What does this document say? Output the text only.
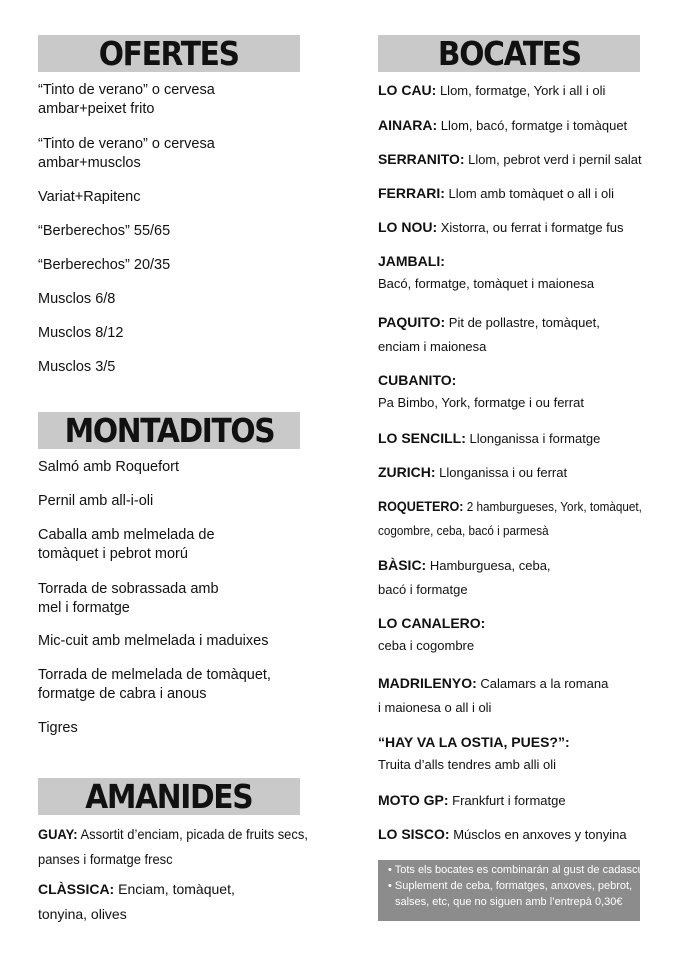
OFERTES
“Tinto de verano” o cervesa
ambar+peixet frito
“Tinto de verano” o cervesa
ambar+musclos
Variat+Rapitenc
“Berberechos” 55/65
“Berberechos” 20/35
Musclos 6/8
Musclos 8/12
Musclos 3/5
MONTADITOS
Salmó amb Roquefort
Pernil amb all-i-oli
Caballa amb melmelada de
tomàquet i pebrot morú
Torrada de sobrassada amb
mel i formatge
Mic-cuit amb melmelada i maduixes
Torrada de melmelada de tomàquet,
formatge de cabra i anous
Tigres
AMANIDES
GUAY: Assortit d’enciam, picada de fruits secs,
panses i formatge fresc
CLÀSSICA: Enciam, tomàquet,
tonyina, olives
BOCATES
LO CAU: Llom, formatge, York i all i oli
AINARA: Llom, bacó, formatge i tomàquet
SERRANITO: Llom, pebrot verd i pernil salat
FERRARI: Llom amb tomàquet o all i oli
LO NOU: Xistorra, ou ferrat i formatge fus
JAMBALI:
Bacó, formatge, tomàquet i maionesa
PAQUITO: Pit de pollastre, tomàquet,
enciam i maionesa
CUBANITO:
Pa Bimbo, York, formatge i ou ferrat
LO SENCILL: Llonganissa i formatge
ZURICH: Llonganissa i ou ferrat
ROQUETERO: 2 hamburgueses, York, tomàquet,
cogombre, ceba, bacó i parmesà
BÀSIC: Hamburguesa, ceba,
bacó i formatge
LO CANALERO:
ceba i cogombre
MADRILENYO: Calamars a la romana
i maionesa o all i oli
“HAY VA LA OSTIA, PUES?”:
Truita d’alls tendres amb alli oli
MOTO GP: Frankfurt i formatge
LO SISCO: Músclos en anxoves y tonyina
• Tots els bocates es combinarán al gust de cadascú.
• Suplement de ceba, formatges, anxoves, pebrot,
salses, etc, que no siguen amb l’entrepà 0,30€
